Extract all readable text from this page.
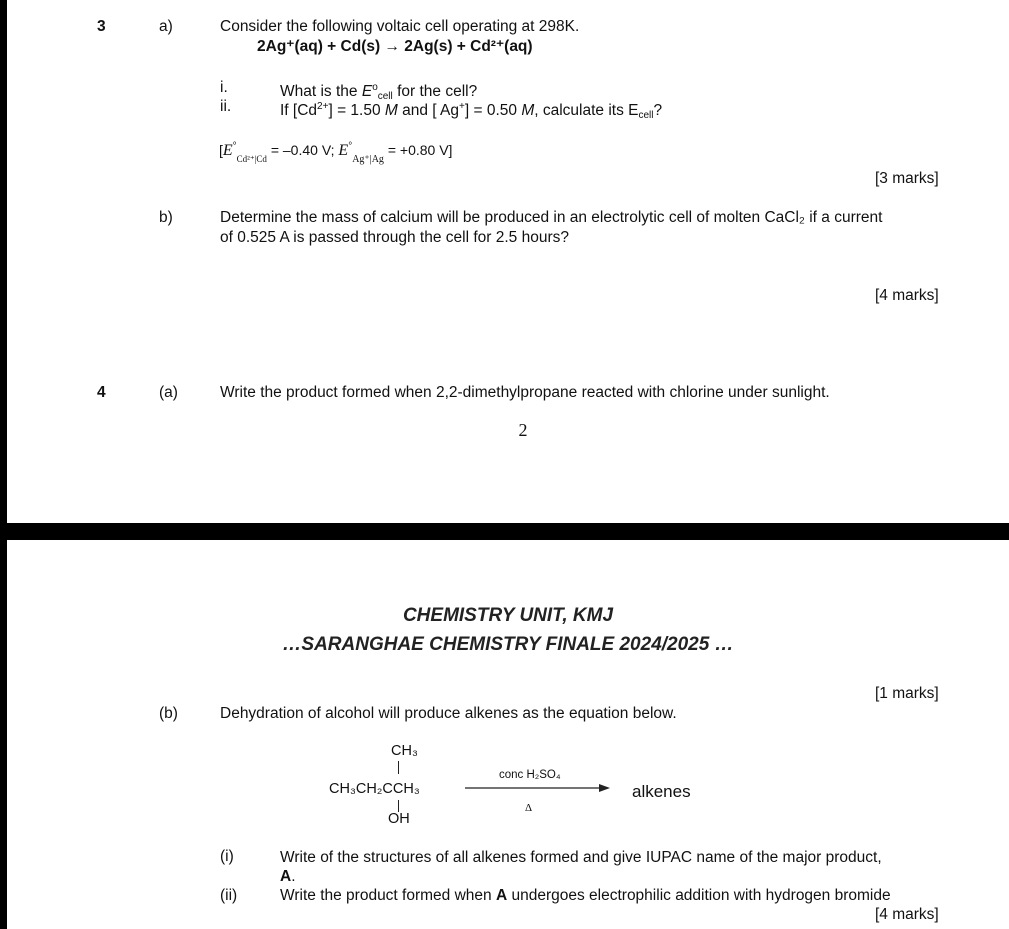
3	a)	Consider the following voltaic cell operating at 298K.
2Ag⁺(aq) + Cd(s) → 2Ag(s) + Cd²⁺(aq)
i.	What is the $E^o_{cell}$ for the cell?
ii.	If $[Cd^{2+}] = 1.50$ M and [ Ag+] = 0.50 M, calculate its $E_{cell}$?
[$E^\circ_{Cd^{2+}|Cd} = -0.40$ V; $E^\circ_{Ag^+|Ag} = +0.80$ V]
[3 marks]
b)	Determine the mass of calcium will be produced in an electrolytic cell of molten CaCl₂ if a current
of 0.525 A is passed through the cell for 2.5 hours?
[4 marks]
4	(a)	Write the product formed when 2,2-dimethylpropane reacted with chlorine under sunlight.
2
CHEMISTRY UNIT, KMJ
…SARANGHAE CHEMISTRY FINALE 2024/2025 …
[1 marks]
(b)	Dehydration of alcohol will produce alkenes as the equation below.
CH₃
CH₃CH₂CCH₃
OH
conc H₂SO₄
Δ
alkenes
(i)	Write of the structures of all alkenes formed and give IUPAC name of the major product, A.
(ii)	Write the product formed when A undergoes electrophilic addition with hydrogen bromide
[4 marks]
